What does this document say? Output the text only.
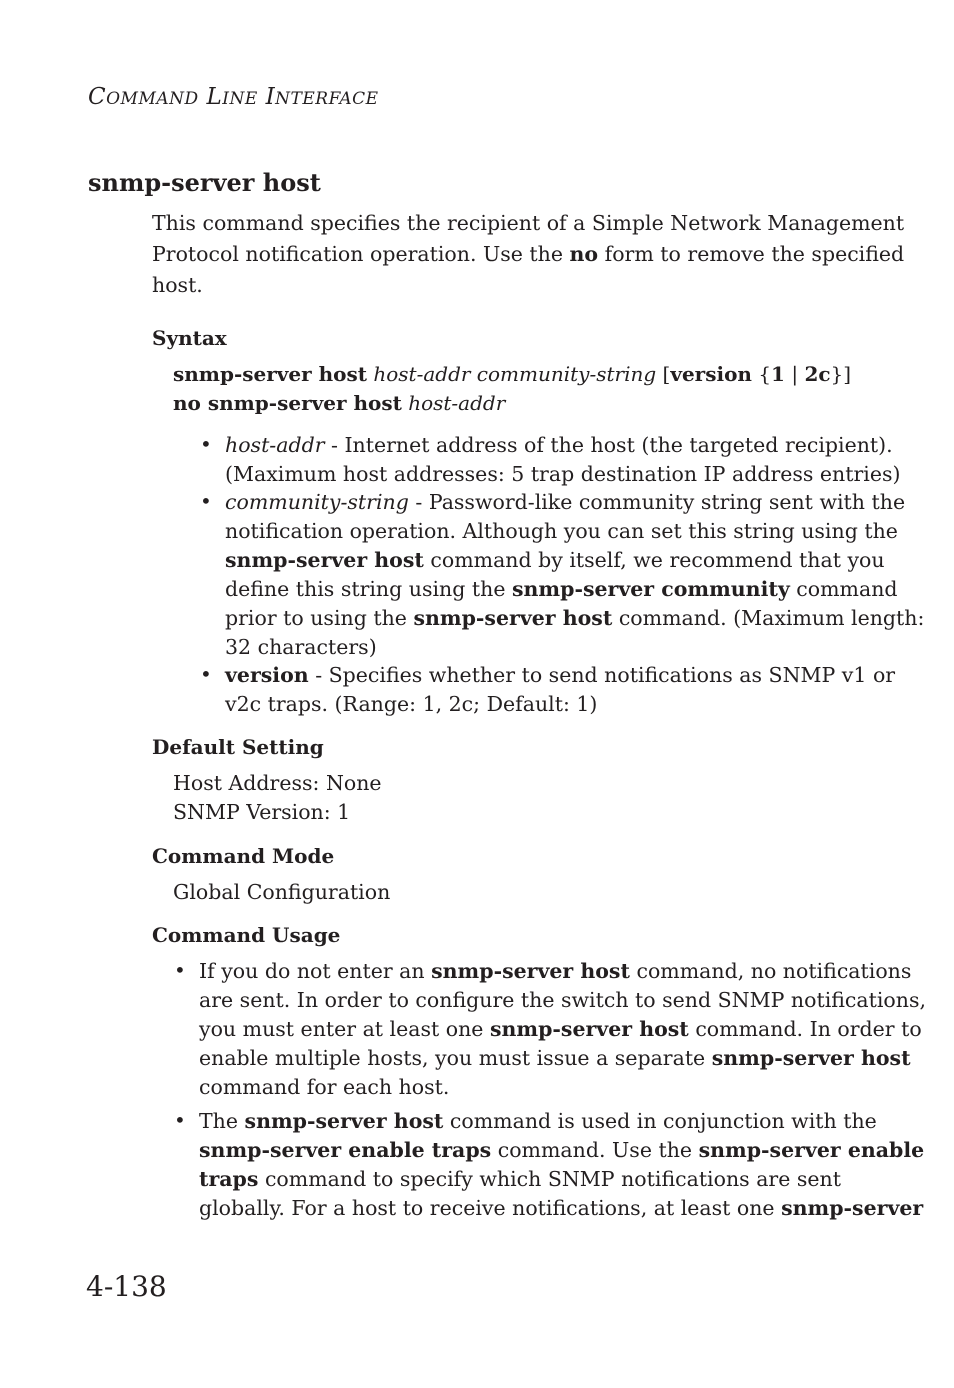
COMMAND LINE INTERFACE
snmp-server host
This command specifies the recipient of a Simple Network Management
Protocol notification operation. Use the no form to remove the specified
host.
Syntax
snmp-server host host-addr community-string [version {1 | 2c}]
no snmp-server host host-addr
• host-addr - Internet address of the host (the targeted recipient).
(Maximum host addresses: 5 trap destination IP address entries)
• community-string - Password-like community string sent with the
notification operation. Although you can set this string using the
snmp-server host command by itself, we recommend that you
define this string using the snmp-server community command
prior to using the snmp-server host command. (Maximum length:
32 characters)
• version - Specifies whether to send notifications as SNMP v1 or
v2c traps. (Range: 1, 2c; Default: 1)
Default Setting
Host Address: None
SNMP Version: 1
Command Mode
Global Configuration
Command Usage
• If you do not enter an snmp-server host command, no notifications
are sent. In order to configure the switch to send SNMP notifications,
you must enter at least one snmp-server host command. In order to
enable multiple hosts, you must issue a separate snmp-server host
command for each host.
• The snmp-server host command is used in conjunction with the
snmp-server enable traps command. Use the snmp-server enable
traps command to specify which SNMP notifications are sent
globally. For a host to receive notifications, at least one snmp-server
4-138
